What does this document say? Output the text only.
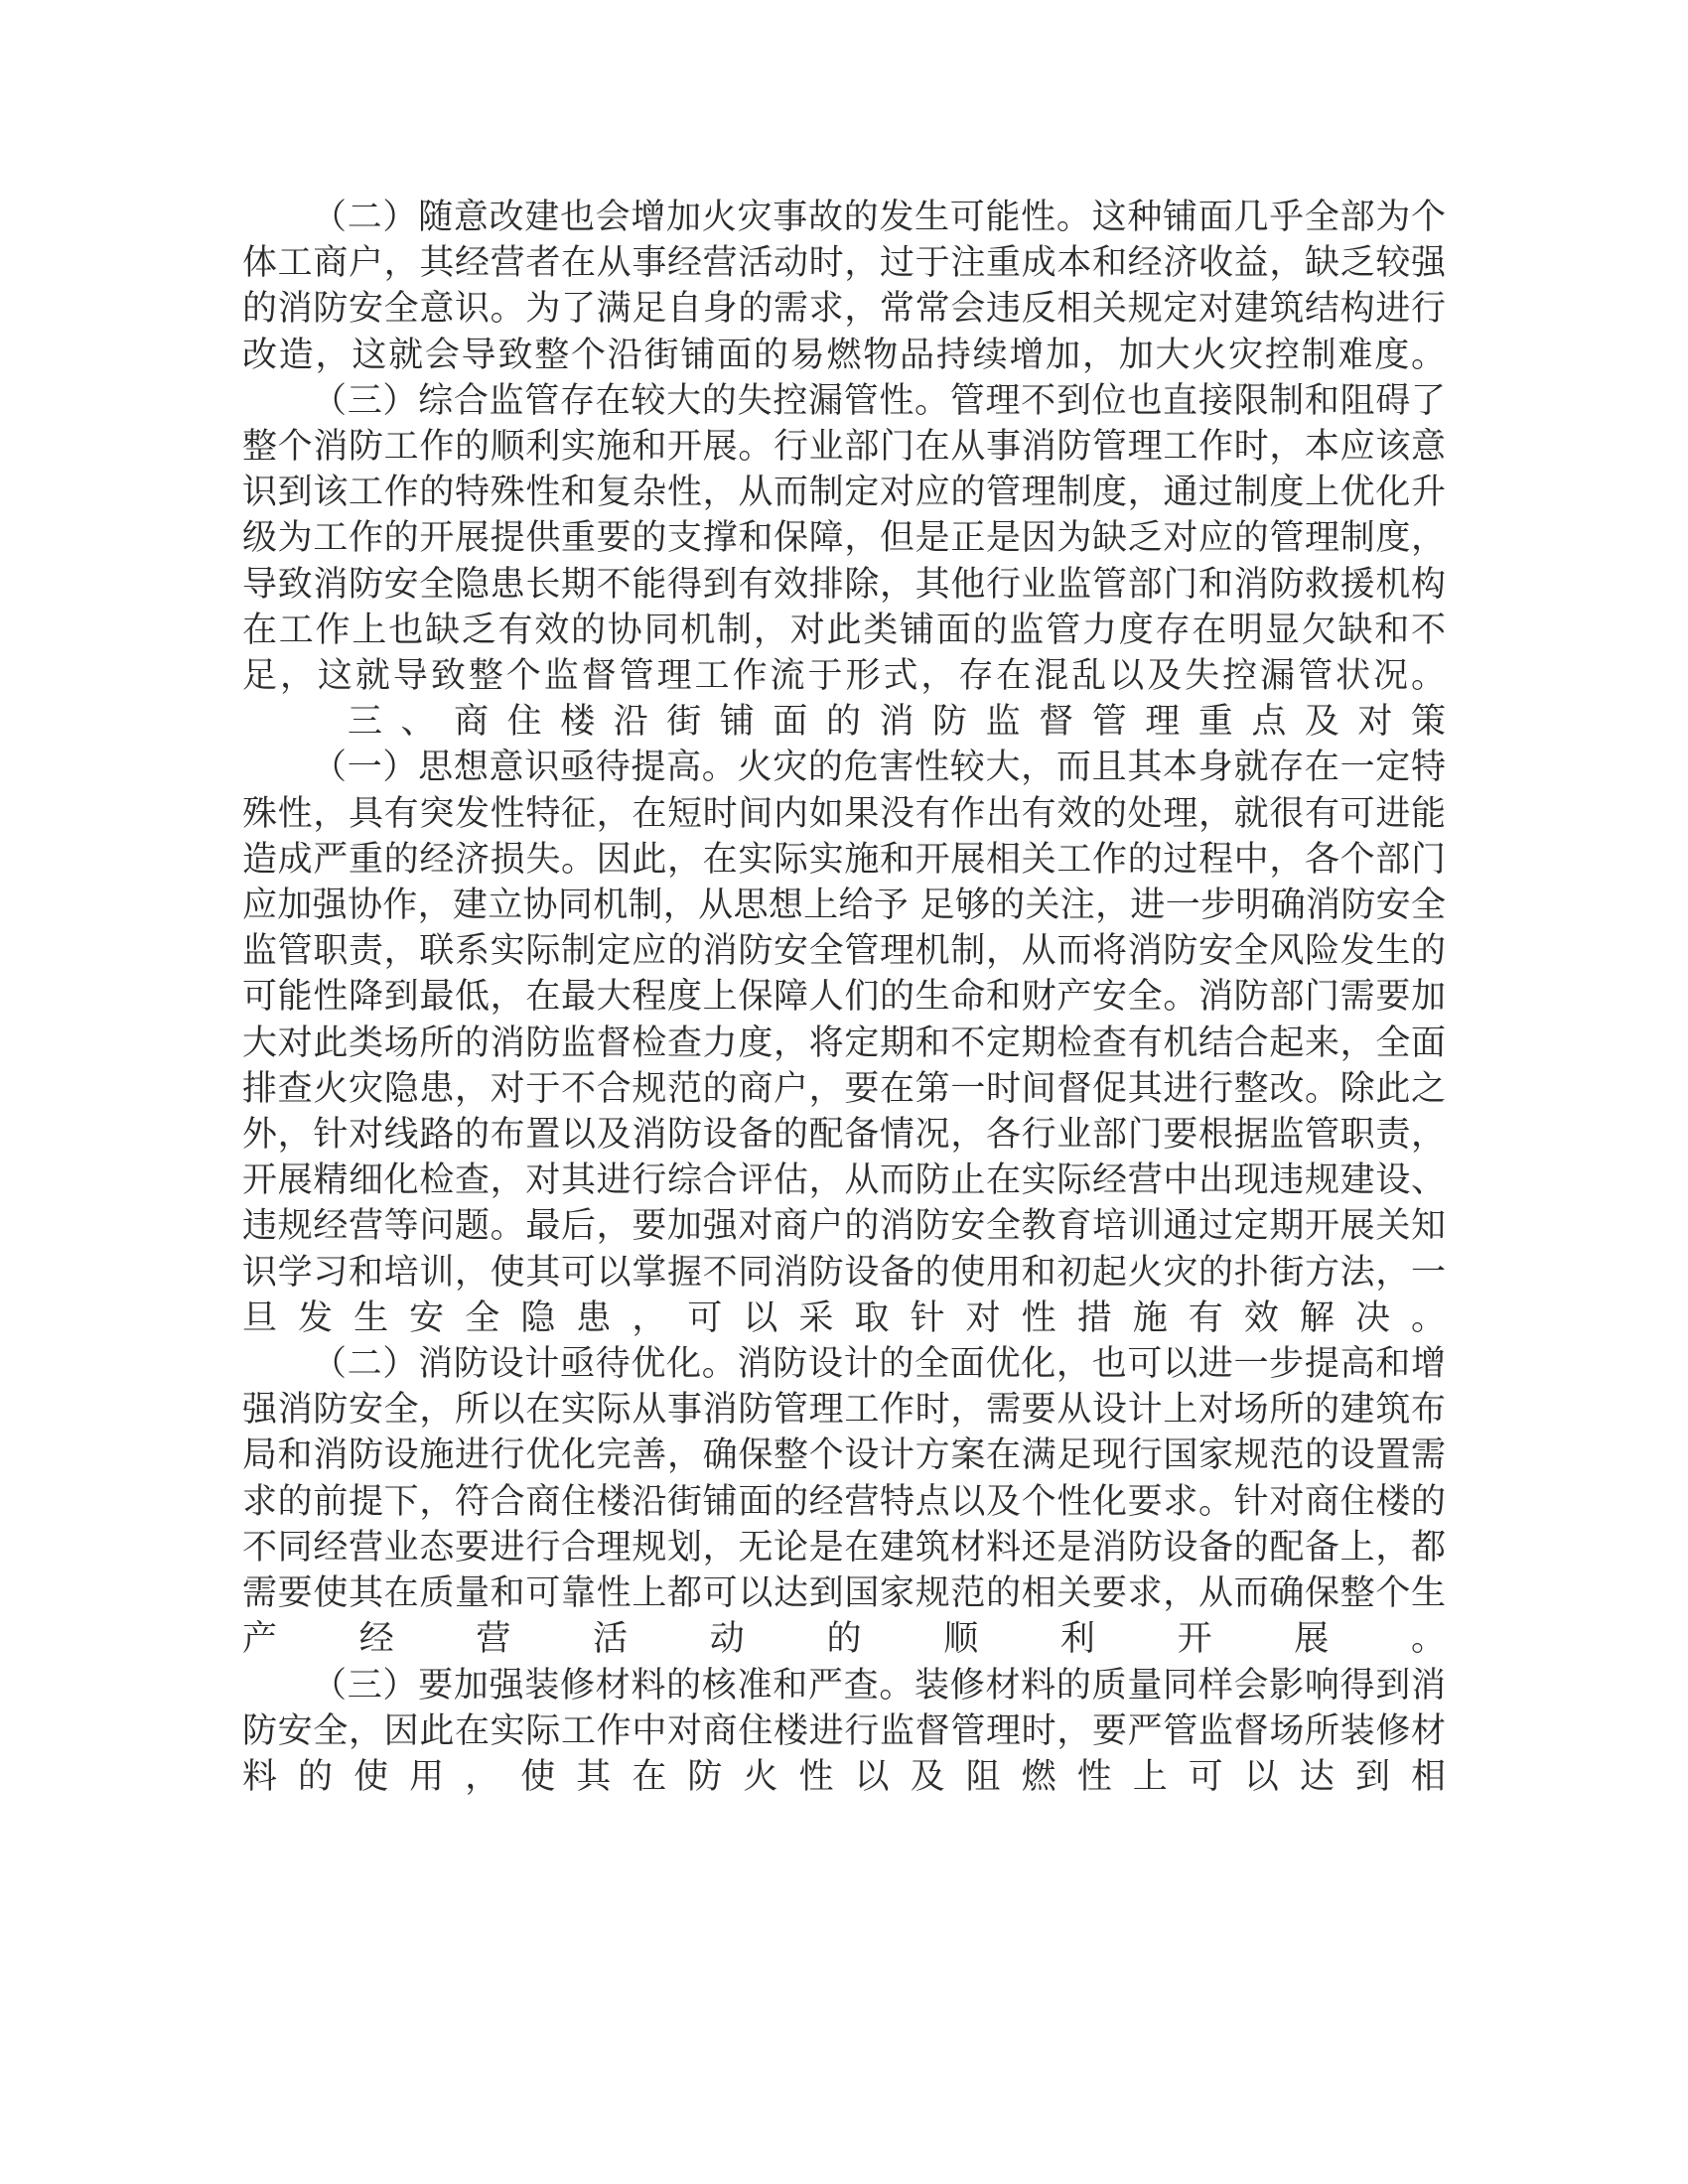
（二）随意改建也会增加火灾事故的发生可能性。这种铺面几乎全部为个体工商户，其经营者在从事经营活动时，过于注重成本和经济收益，缺乏较强的消防安全意识。为了满足自身的需求，常常会违反相关规定对建筑结构进行改造，这就会导致整个沿街铺面的易燃物品持续增加，加大火灾控制难度。

（三）综合监管存在较大的失控漏管性。管理不到位也直接限制和阻碍了整个消防工作的顺利实施和开展。行业部门在从事消防管理工作时，本应该意识到该工作的特殊性和复杂性，从而制定对应的管理制度，通过制度上优化升级为工作的开展提供重要的支撑和保障，但是正是因为缺乏对应的管理制度，导致消防安全隐患长期不能得到有效排除，其他行业监管部门和消防救援机构在工作上也缺乏有效的协同机制，对此类铺面的监管力度存在明显欠缺和不足，这就导致整个监督管理工作流于形式，存在混乱以及失控漏管状况。

三、商住楼沿街铺面的消防监督管理重点及对策

（一）思想意识亟待提高。火灾的危害性较大，而且其本身就存在一定特殊性，具有突发性特征，在短时间内如果没有作出有效的处理，就很有可进能造成严重的经济损失。因此，在实际实施和开展相关工作的过程中，各个部门应加强协作，建立协同机制，从思想上给予 足够的关注，进一步明确消防安全监管职责，联系实际制定应的消防安全管理机制，从而将消防安全风险发生的可能性降到最低，在最大程度上保障人们的生命和财产安全。消防部门需要加大对此类场所的消防监督检查力度，将定期和不定期检查有机结合起来，全面排查火灾隐患，对于不合规范的商户，要在第一时间督促其进行整改。除此之外，针对线路的布置以及消防设备的配备情况，各行业部门要根据监管职责，开展精细化检查，对其进行综合评估，从而防止在实际经营中出现违规建设、违规经营等问题。最后，要加强对商户的消防安全教育培训通过定期开展关知识学习和培训，使其可以掌握不同消防设备的使用和初起火灾的扑街方法，一旦发生安全隐患，可以采取针对性措施有效解决。

（二）消防设计亟待优化。消防设计的全面优化，也可以进一步提高和增强消防安全，所以在实际从事消防管理工作时，需要从设计上对场所的建筑布局和消防设施进行优化完善，确保整个设计方案在满足现行国家规范的设置需求的前提下，符合商住楼沿街铺面的经营特点以及个性化要求。针对商住楼的不同经营业态要进行合理规划，无论是在建筑材料还是消防设备的配备上，都需要使其在质量和可靠性上都可以达到国家规范的相关要求，从而确保整个生产经营活动的顺利开展。

（三）要加强装修材料的核准和严查。装修材料的质量同样会影响得到消防安全，因此在实际工作中对商住楼进行监督管理时，要严管监督场所装修材料的使用，使其在防火性以及阻燃性上可以达到相
